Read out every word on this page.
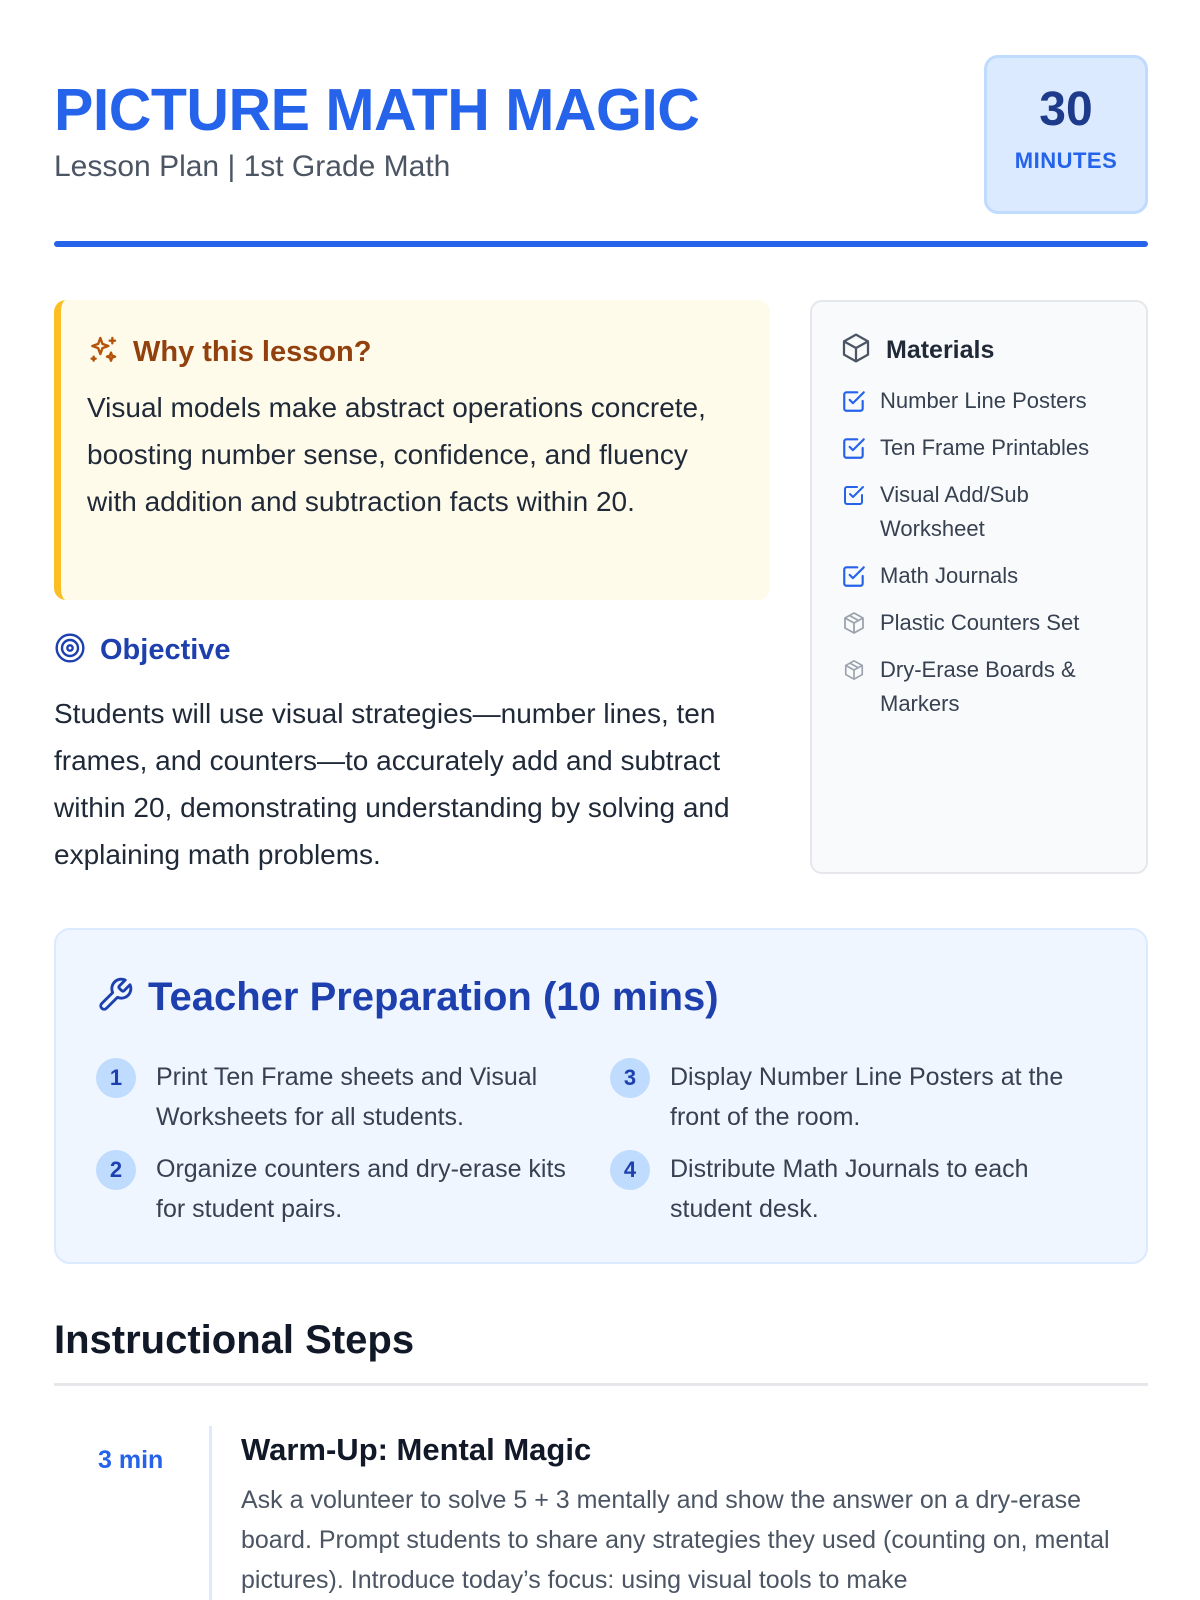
PICTURE MATH MAGIC
Lesson Plan | 1st Grade Math
30
MINUTES
Why this lesson?

Visual models make abstract operations concrete, boosting number sense, confidence, and fluency with addition and subtraction facts within 20.

Objective

Students will use visual strategies—number lines, ten frames, and counters—to accurately add and subtract within 20, demonstrating understanding by solving and explaining math problems.

Materials
Number Line Posters
Ten Frame Printables
Visual Add/Sub Worksheet
Math Journals
Plastic Counters Set
Dry-Erase Boards & Markers
Teacher Preparation (10 mins)
1	Print Ten Frame sheets and Visual Worksheets for all students.
2	Organize counters and dry-erase kits for student pairs.
3	Display Number Line Posters at the front of the room.
4	Distribute Math Journals to each student desk.
Instructional Steps
3 min	Warm-Up: Mental Magic

Ask a volunteer to solve 5 + 3 mentally and show the answer on a dry-erase board. Prompt students to share any strategies they used (counting on, mental pictures). Introduce today’s focus: using visual tools to make
